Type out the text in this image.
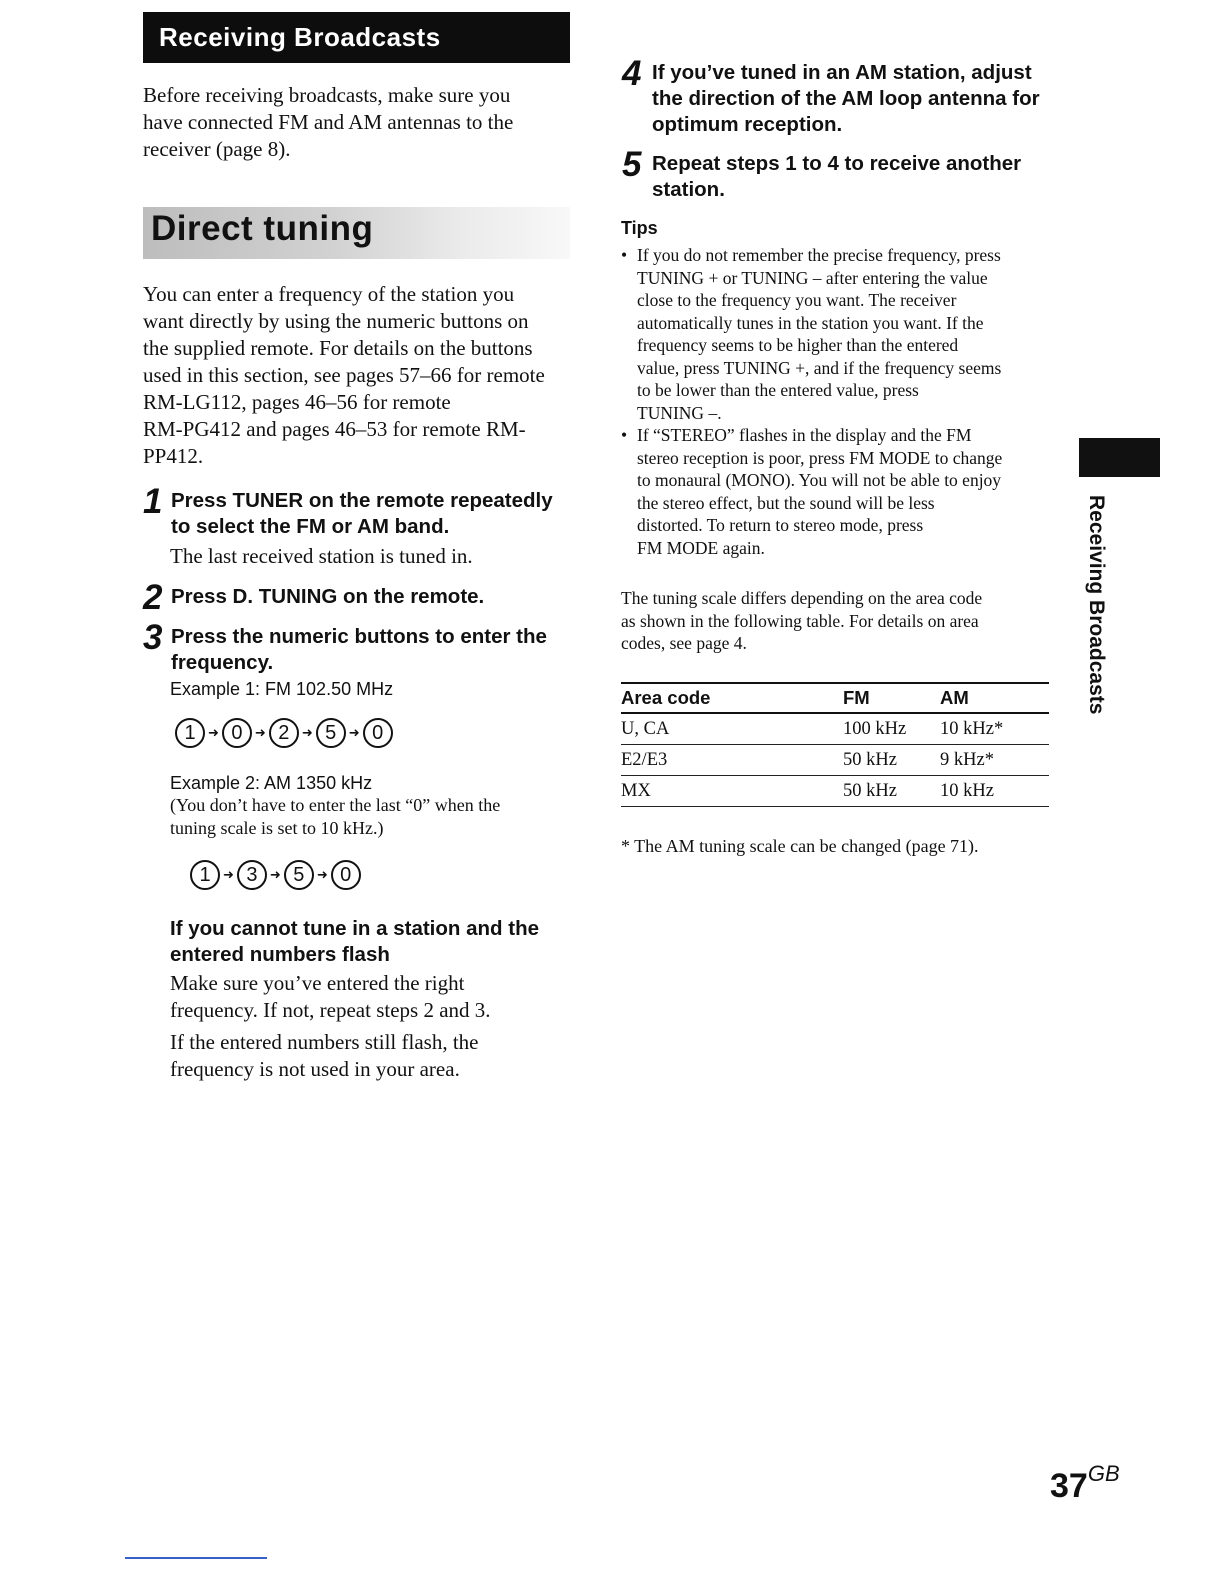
Receiving Broadcasts
Before receiving broadcasts, make sure you
have connected FM and AM antennas to the
receiver (page 8).
Direct tuning
You can enter a frequency of the station you
want directly by using the numeric buttons on
the supplied remote. For details on the buttons
used in this section, see pages 57–66 for remote
RM-LG112, pages 46–56 for remote
RM-PG412 and pages 46–53 for remote RM-
PP412.
1 Press TUNER on the remote repeatedly
to select the FM or AM band.
The last received station is tuned in.
2 Press D. TUNING on the remote.
3 Press the numeric buttons to enter the
frequency.
Example 1: FM 102.50 MHz
1 ➜ 0 ➜ 2 ➜ 5 ➜ 0
Example 2: AM 1350 kHz
(You don’t have to enter the last “0” when the
tuning scale is set to 10 kHz.)
1 ➜ 3 ➜ 5 ➜ 0
If you cannot tune in a station and the
entered numbers flash
Make sure you’ve entered the right
frequency. If not, repeat steps 2 and 3.
If the entered numbers still flash, the
frequency is not used in your area.
4 If you’ve tuned in an AM station, adjust
the direction of the AM loop antenna for
optimum reception.
5 Repeat steps 1 to 4 to receive another
station.
Tips
• If you do not remember the precise frequency, press
TUNING + or TUNING – after entering the value
close to the frequency you want. The receiver
automatically tunes in the station you want. If the
frequency seems to be higher than the entered
value, press TUNING +, and if the frequency seems
to be lower than the entered value, press
TUNING –.
• If “STEREO” flashes in the display and the FM
stereo reception is poor, press FM MODE to change
to monaural (MONO). You will not be able to enjoy
the stereo effect, but the sound will be less
distorted. To return to stereo mode, press
FM MODE again.
The tuning scale differs depending on the area code
as shown in the following table. For details on area
codes, see page 4.
Area code	FM	AM
U, CA	100 kHz	10 kHz*
E2/E3	50 kHz	9 kHz*
MX	50 kHz	10 kHz
* The AM tuning scale can be changed (page 71).
Receiving Broadcasts
$37^{GB}$
